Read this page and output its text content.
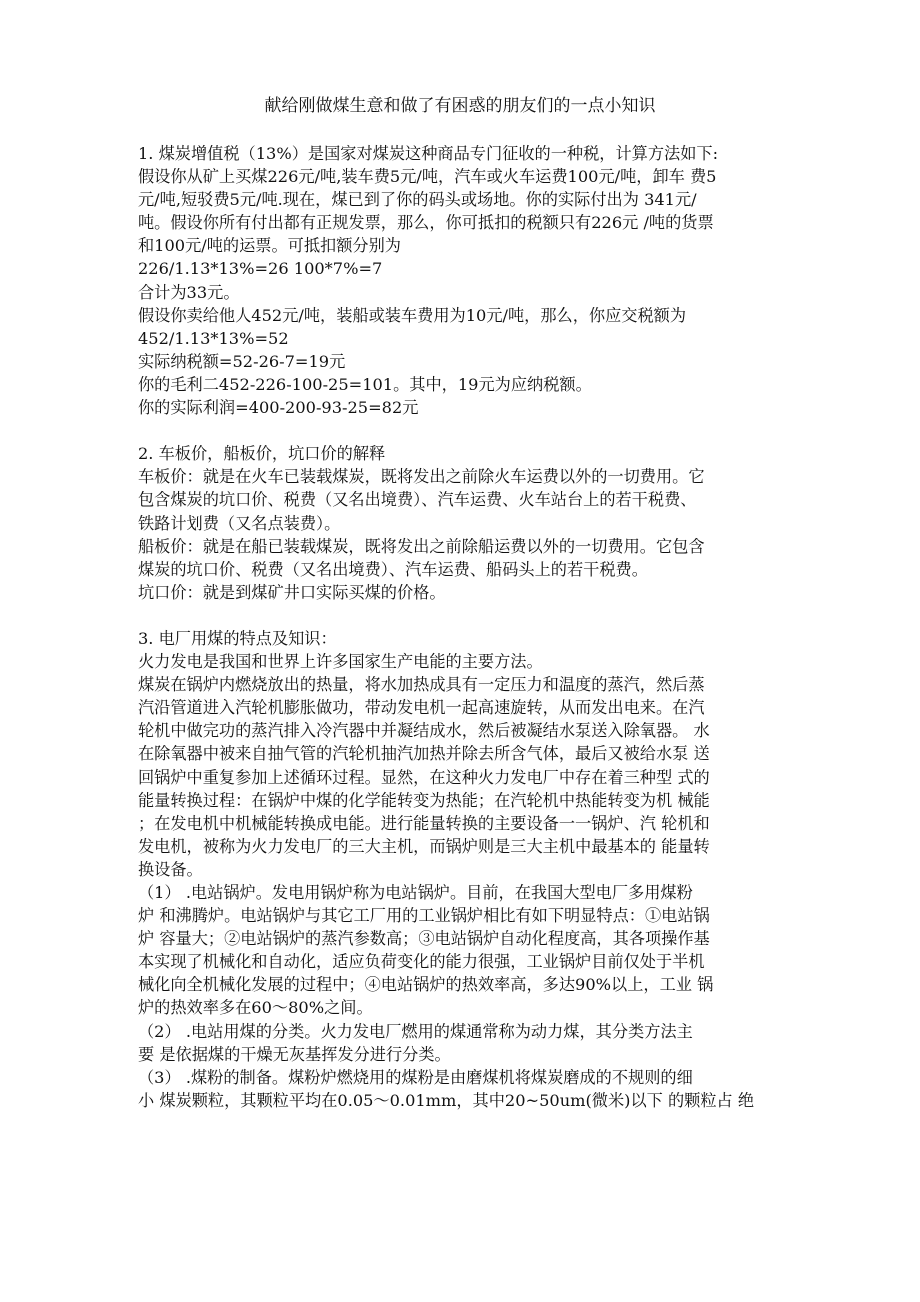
献给刚做煤生意和做了有困惑的朋友们的一点小知识
1. 煤炭增值税（13%）是国家对煤炭这种商品专门征收的一种税，计算方法如下:
假设你从矿上买煤226元/吨,装车费5元/吨，汽车或火车运费100元/吨，卸车 费5
元/吨,短驳费5元/吨.现在，煤已到了你的码头或场地。你的实际付出为 341元/
吨。假设你所有付出都有正规发票，那么，你可抵扣的税额只有226元 /吨的货票
和100元/吨的运票。可抵扣额分别为
226/1.13*13%=26 100*7%=7
合计为33元。
假设你卖给他人452元/吨，装船或装车费用为10元/吨，那么，你应交税额为
452/1.13*13%=52
实际纳税额=52-26-7=19元
你的毛利二452-226-100-25=101。其中，19元为应纳税额。
你的实际利润=400-200-93-25=82元
2. 车板价，船板价，坑口价的解释
车板价：就是在火车已装载煤炭，既将发出之前除火车运费以外的一切费用。它
包含煤炭的坑口价、税费（又名出境费）、汽车运费、火车站台上的若干税费、
铁路计划费（又名点装费）。
船板价：就是在船已装载煤炭，既将发出之前除船运费以外的一切费用。它包含
煤炭的坑口价、税费（又名出境费）、汽车运费、船码头上的若干税费。
坑口价：就是到煤矿井口实际买煤的价格。
3. 电厂用煤的特点及知识：
火力发电是我国和世界上许多国家生产电能的主要方法。
煤炭在锅炉内燃烧放出的热量，将水加热成具有一定压力和温度的蒸汽，然后蒸
汽沿管道进入汽轮机膨胀做功，带动发电机一起高速旋转，从而发出电来。在汽
轮机中做完功的蒸汽排入冷汽器中并凝结成水，然后被凝结水泵送入除氧器。 水
在除氧器中被来自抽气管的汽轮机抽汽加热并除去所含气体，最后又被给水泵 送
回锅炉中重复参加上述循环过程。显然，在这种火力发电厂中存在着三种型 式的
能量转换过程：在锅炉中煤的化学能转变为热能；在汽轮机中热能转变为机 械能
；在发电机中机械能转换成电能。进行能量转换的主要设备一一锅炉、汽 轮机和
发电机，被称为火力发电厂的三大主机，而锅炉则是三大主机中最基本的 能量转
换设备。
（1） .电站锅炉。发电用锅炉称为电站锅炉。目前，在我国大型电厂多用煤粉
炉 和沸腾炉。电站锅炉与其它工厂用的工业锅炉相比有如下明显特点：①电站锅
炉 容量大；②电站锅炉的蒸汽参数高；③电站锅炉自动化程度高，其各项操作基
本实现了机械化和自动化，适应负荷变化的能力很强，工业锅炉目前仅处于半机
械化向全机械化发展的过程中；④电站锅炉的热效率高，多达90%以上，工业 锅
炉的热效率多在60〜80%之间。
（2） .电站用煤的分类。火力发电厂燃用的煤通常称为动力煤，其分类方法主
要 是依据煤的干燥无灰基挥发分进行分类。
（3） .煤粉的制备。煤粉炉燃烧用的煤粉是由磨煤机将煤炭磨成的不规则的细
小 煤炭颗粒，其颗粒平均在0.05〜0.01mm，其中20~50um(微米)以下 的颗粒占 绝
